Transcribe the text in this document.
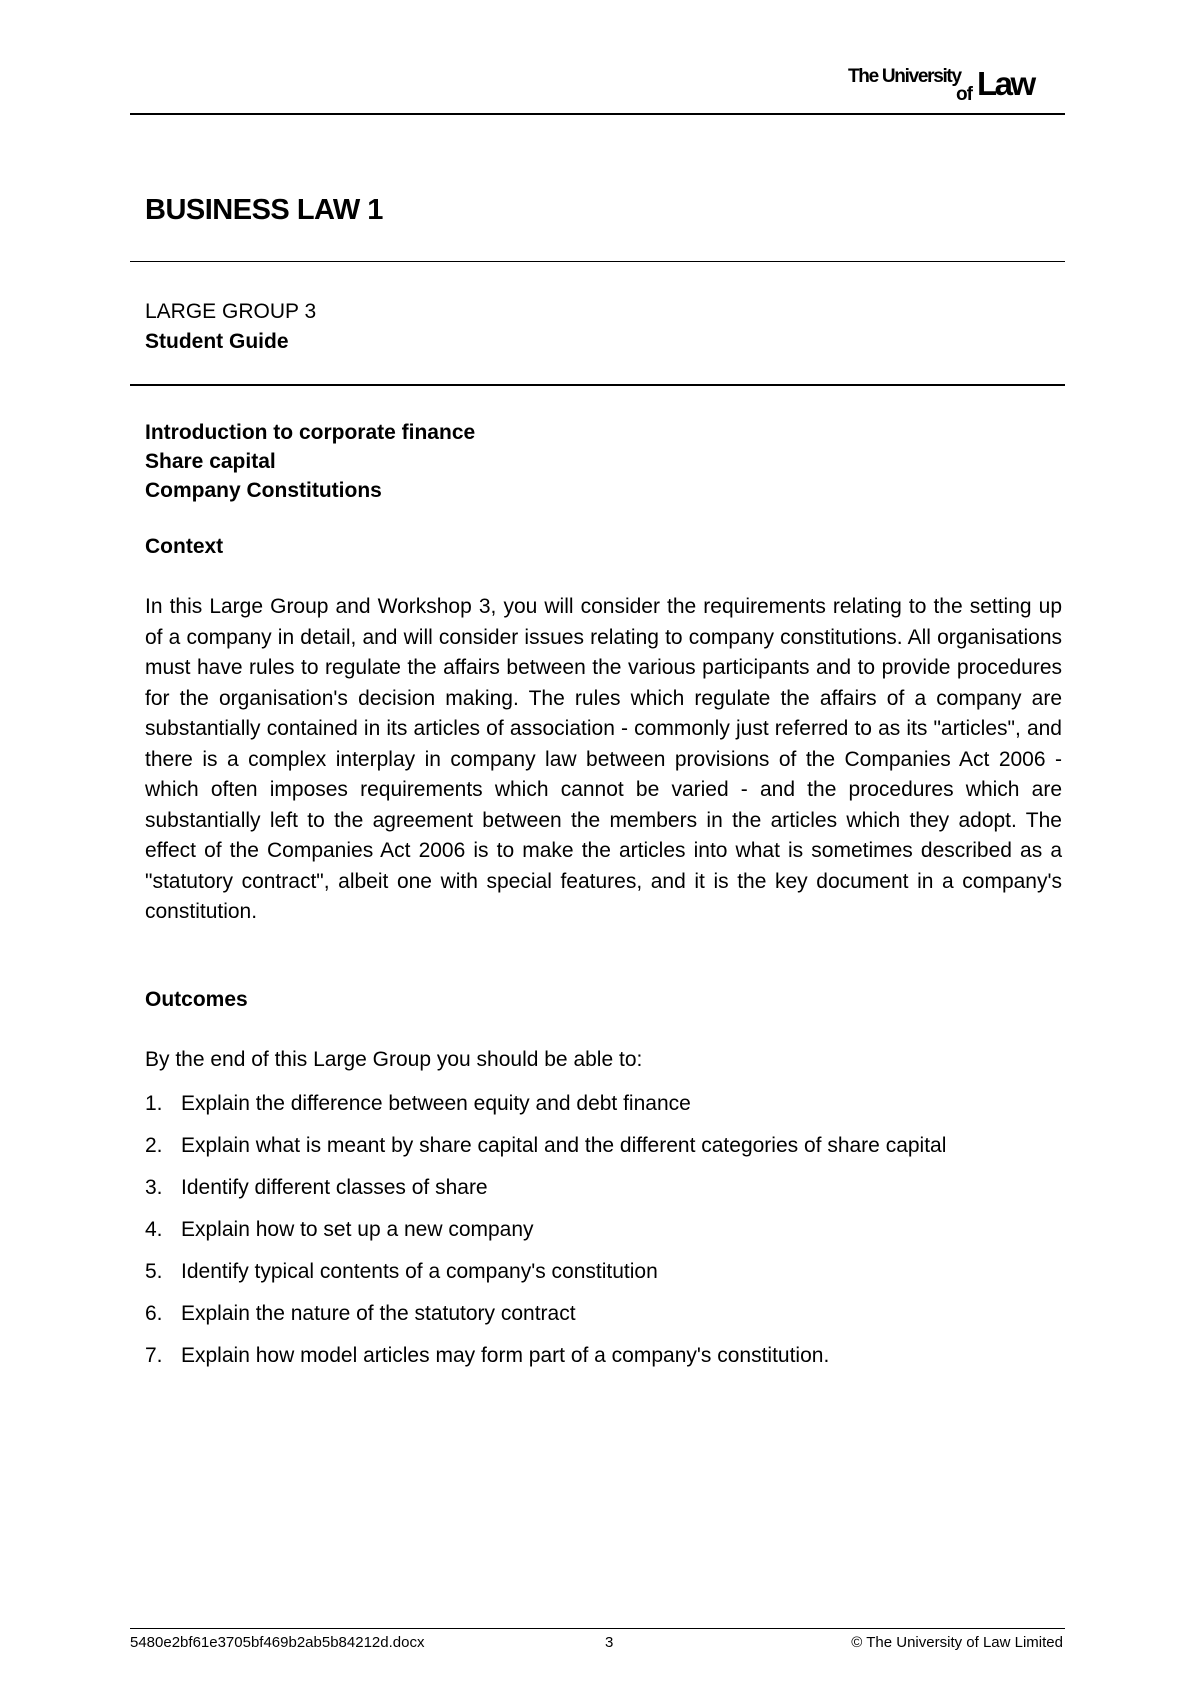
The University
of Law
BUSINESS LAW 1
LARGE GROUP 3
Student Guide
Introduction to corporate finance
Share capital
Company Constitutions
Context
In this Large Group and Workshop 3, you will consider the requirements relating to the setting up of a company in detail, and will consider issues relating to company constitutions. All organisations must have rules to regulate the affairs between the various participants and to provide procedures for the organisation's decision making. The rules which regulate the affairs of a company are substantially contained in its articles of association - commonly just referred to as its "articles", and there is a complex interplay in company law between provisions of the Companies Act 2006 - which often imposes requirements which cannot be varied - and the procedures which are substantially left to the agreement between the members in the articles which they adopt. The effect of the Companies Act 2006 is to make the articles into what is sometimes described as a "statutory contract", albeit one with special features, and it is the key document in a company's constitution.
Outcomes
By the end of this Large Group you should be able to:
1. Explain the difference between equity and debt finance
2. Explain what is meant by share capital and the different categories of share capital
3. Identify different classes of share
4. Explain how to set up a new company
5. Identify typical contents of a company's constitution
6. Explain the nature of the statutory contract
7. Explain how model articles may form part of a company's constitution.
5480e2bf61e3705bf469b2ab5b84212d.docx	3	© The University of Law Limited
